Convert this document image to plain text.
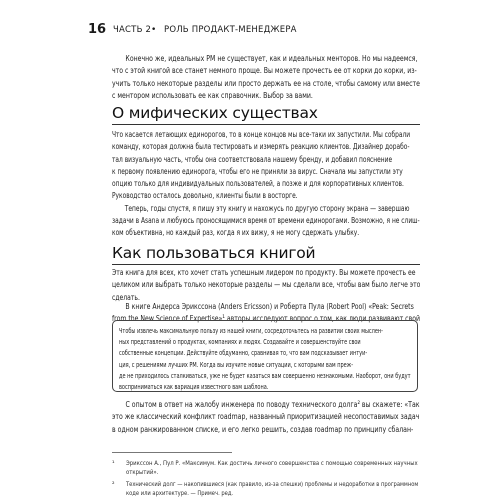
16 ЧАСТЬ 2 • РОЛЬ ПРОДАКТ-МЕНЕДЖЕРА

Конечно же, идеальных PM не существует, как и идеальных менторов. Но мы надеемся,
что с этой книгой все станет немного проще. Вы можете прочесть ее от корки до корки, из-
учить только некоторые разделы или просто держать ее на столе, чтобы самому или вместе
с ментором использовать ее как справочник. Выбор за вами.

О мифических существах

Что касается летающих единорогов, то в конце концов мы все-таки их запустили. Мы собрали
команду, которая должна была тестировать и измерять реакцию клиентов. Дизайнер дорабо-
тал визуальную часть, чтобы она соответствовала нашему бренду, и добавил пояснение
к первому появлению единорога, чтобы его не приняли за вирус. Сначала мы запустили эту
опцию только для индивидуальных пользователей, а позже и для корпоративных клиентов.
Руководство осталось довольно, клиенты были в восторге.
Теперь, годы спустя, я пишу эту книгу и нахожусь по другую сторону экрана — завершаю
задачи в Asana и любуюсь проносящимися время от времени единорогами. Возможно, я не слиш-
ком объективна, но каждый раз, когда я их вижу, я не могу сдержать улыбку.

Как пользоваться книгой

Эта книга для всех, кто хочет стать успешным лидером по продукту. Вы можете прочесть ее
целиком или выбрать только некоторые разделы — мы сделали все, чтобы вам было легче это
сделать.

В книге Андерса Эрикссона (Anders Ericsson) и Роберта Пула (Robert Pool) «Peak: Secrets
from the New Science of Expertise»¹ авторы исследуют вопрос о том, как люди развивают свой

Чтобы извлечь максимальную пользу из нашей книги, сосредоточьтесь на развитии своих мыслен-
ных представлений о продуктах, компаниях и людях. Создавайте и совершенствуйте свои
собственные концепции. Действуйте обдуманно, сравнивая то, что вам подсказывает интуи-
ция, с решениями лучших PM. Когда вы изучите новые ситуации, с которыми вам преж-
де не приходилось сталкиваться, уже не будет казаться вам совершенно незнакомыми. Наоборот, они будут
восприниматься как вариация известного вам шаблона.

С опытом в ответ на жалобу инженера по поводу технического долга² вы скажете: «Так
это же классический конфликт roadmap, названный приоритизацией несопоставимых задач
в одном ранжированном списке, и его легко решить, создав roadmap по принципу сбалан-

¹ Эрикссон А., Пул Р. «Максимум. Как достичь личного совершенства с помощью современных научных
открытий».
² Технический долг — накопившиеся (как правило, из-за спешки) проблемы и недоработки в программном
коде или архитектуре. — Примеч. ред.
